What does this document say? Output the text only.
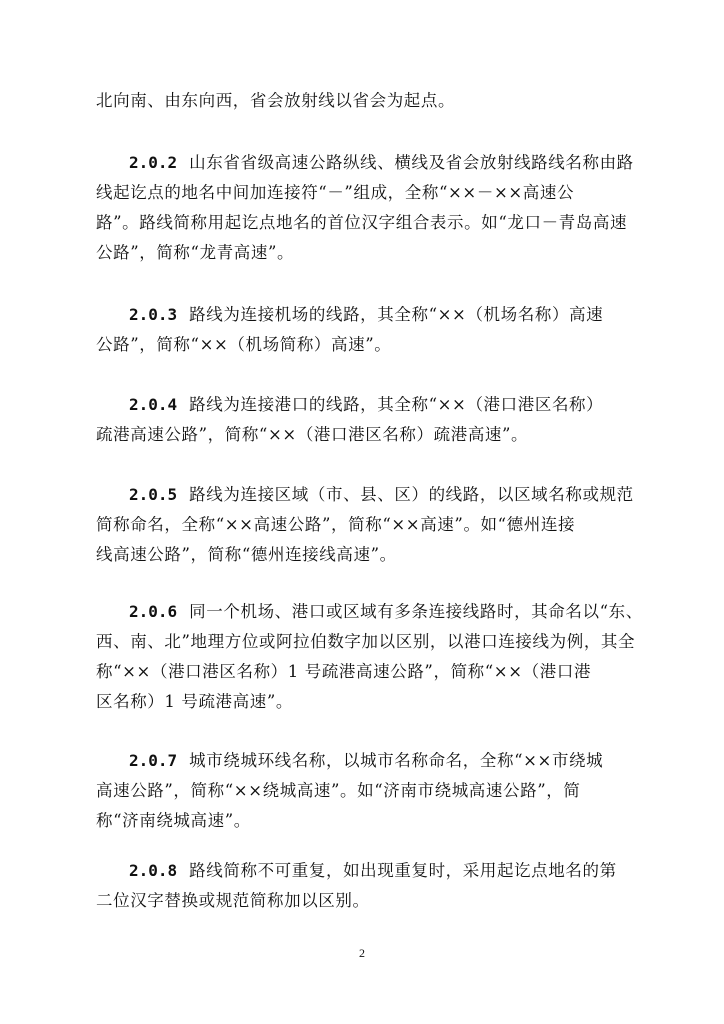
北向南、由东向西，省会放射线以省会为起点。
2.0.2 山东省省级高速公路纵线、横线及省会放射线路线名称由路
线起讫点的地名中间加连接符“－”组成，全称“××－××高速公
路”。路线简称用起讫点地名的首位汉字组合表示。如“龙口－青岛高速
公路”，简称“龙青高速”。
2.0.3 路线为连接机场的线路，其全称“××（机场名称）高速
公路”，简称“××（机场简称）高速”。
2.0.4 路线为连接港口的线路，其全称“××（港口港区名称）
疏港高速公路”，简称“××（港口港区名称）疏港高速”。
2.0.5 路线为连接区域（市、县、区）的线路，以区域名称或规范
简称命名，全称“××高速公路”，简称“××高速”。如“德州连接
线高速公路”，简称“德州连接线高速”。
2.0.6 同一个机场、港口或区域有多条连接线路时，其命名以“东、
西、南、北”地理方位或阿拉伯数字加以区别，以港口连接线为例，其全
称“××（港口港区名称）1 号疏港高速公路”，简称“××（港口港
区名称）1 号疏港高速”。
2.0.7 城市绕城环线名称，以城市名称命名，全称“××市绕城
高速公路”，简称“××绕城高速”。如“济南市绕城高速公路”，简
称“济南绕城高速”。
2.0.8 路线简称不可重复，如出现重复时，采用起讫点地名的第
二位汉字替换或规范简称加以区别。
2
